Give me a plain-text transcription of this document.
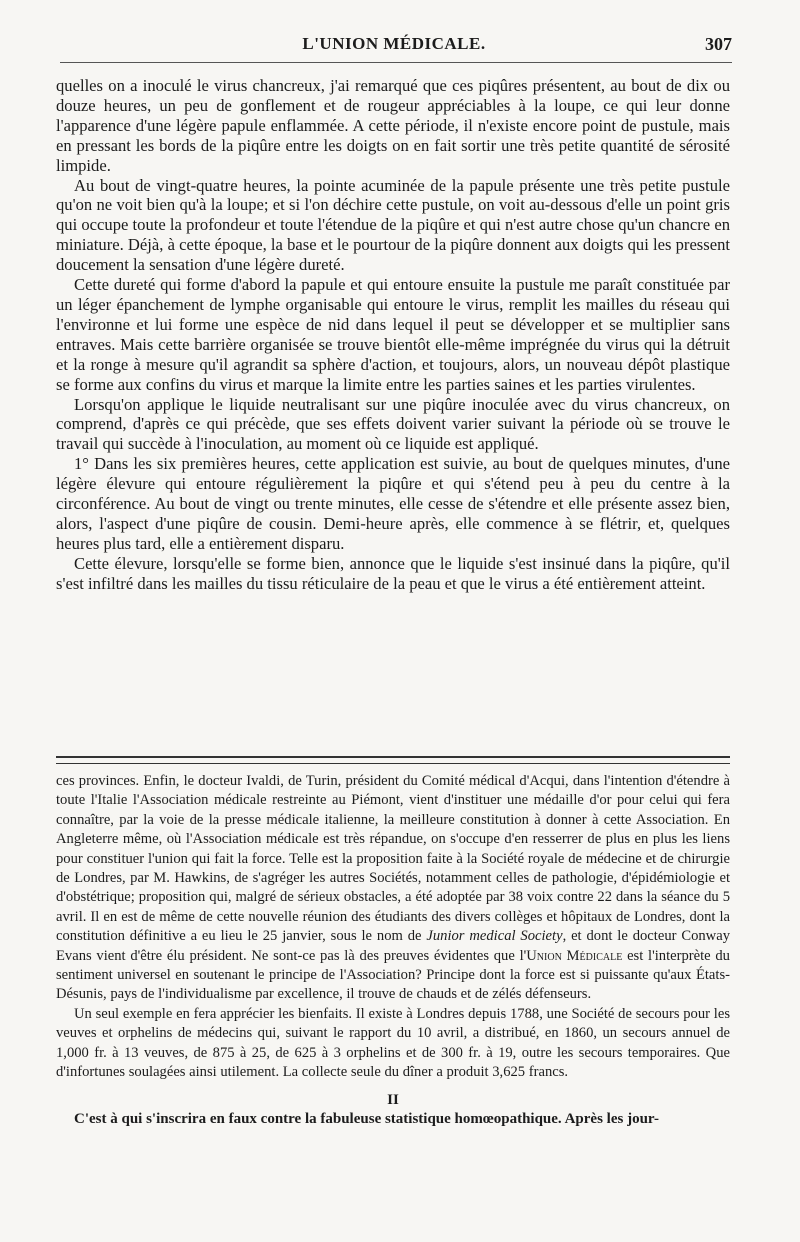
L'UNION MÉDICALE.	307

quelles on a inoculé le virus chancreux, j'ai remarqué que ces piqûres présentent, au bout de dix ou douze heures, un peu de gonflement et de rougeur appréciables à la loupe, ce qui leur donne l'apparence d'une légère papule enflammée. A cette période, il n'existe encore point de pustule, mais en pressant les bords de la piqûre entre les doigts on en fait sortir une très petite quantité de sérosité limpide.

Au bout de vingt-quatre heures, la pointe acuminée de la papule présente une très petite pustule qu'on ne voit bien qu'à la loupe; et si l'on déchire cette pustule, on voit au-dessous d'elle un point gris qui occupe toute la profondeur et toute l'étendue de la piqûre et qui n'est autre chose qu'un chancre en miniature. Déjà, à cette époque, la base et le pourtour de la piqûre donnent aux doigts qui les pressent doucement la sensation d'une légère dureté.

Cette dureté qui forme d'abord la papule et qui entoure ensuite la pustule me paraît constituée par un léger épanchement de lymphe organisable qui entoure le virus, remplit les mailles du réseau qui l'environne et lui forme une espèce de nid dans lequel il peut se développer et se multiplier sans entraves. Mais cette barrière organisée se trouve bientôt elle-même imprégnée du virus qui la détruit et la ronge à mesure qu'il agrandit sa sphère d'action, et toujours, alors, un nouveau dépôt plastique se forme aux confins du virus et marque la limite entre les parties saines et les parties virulentes.

Lorsqu'on applique le liquide neutralisant sur une piqûre inoculée avec du virus chancreux, on comprend, d'après ce qui précède, que ses effets doivent varier suivant la période où se trouve le travail qui succède à l'inoculation, au moment où ce liquide est appliqué.

1° Dans les six premières heures, cette application est suivie, au bout de quelques minutes, d'une légère élevure qui entoure régulièrement la piqûre et qui s'étend peu à peu du centre à la circonférence. Au bout de vingt ou trente minutes, elle cesse de s'étendre et elle présente assez bien, alors, l'aspect d'une piqûre de cousin. Demi-heure après, elle commence à se flétrir, et, quelques heures plus tard, elle a entièrement disparu.

Cette élevure, lorsqu'elle se forme bien, annonce que le liquide s'est insinué dans la piqûre, qu'il s'est infiltré dans les mailles du tissu réticulaire de la peau et que le virus a été entièrement atteint.

ces provinces. Enfin, le docteur Ivaldi, de Turin, président du Comité médical d'Acqui, dans l'intention d'étendre à toute l'Italie l'Association médicale restreinte au Piémont, vient d'instituer une médaille d'or pour celui qui fera connaître, par la voie de la presse médicale italienne, la meilleure constitution à donner à cette Association. En Angleterre même, où l'Association médicale est très répandue, on s'occupe d'en resserrer de plus en plus les liens pour constituer l'union qui fait la force. Telle est la proposition faite à la Société royale de médecine et de chirurgie de Londres, par M. Hawkins, de s'agréger les autres Sociétés, notamment celles de pathologie, d'épidémiologie et d'obstétrique; proposition qui, malgré de sérieux obstacles, a été adoptée par 38 voix contre 22 dans la séance du 5 avril. Il en est de même de cette nouvelle réunion des étudiants des divers collèges et hôpitaux de Londres, dont la constitution définitive a eu lieu le 25 janvier, sous le nom de Junior medical Society, et dont le docteur Conway Evans vient d'être élu président. Ne sont-ce pas là des preuves évidentes que l'Union Médicale est l'interprète du sentiment universel en soutenant le principe de l'Association? Principe dont la force est si puissante qu'aux États-Désunis, pays de l'individualisme par excellence, il trouve de chauds et de zélés défenseurs.

Un seul exemple en fera apprécier les bienfaits. Il existe à Londres depuis 1788, une Société de secours pour les veuves et orphelins de médecins qui, suivant le rapport du 10 avril, a distribué, en 1860, un secours annuel de 1,000 fr. à 13 veuves, de 875 à 25, de 625 à 3 orphelins et de 300 fr. à 19, outre les secours temporaires. Que d'infortunes soulagées ainsi utilement. La collecte seule du dîner a produit 3,625 francs.

II

C'est à qui s'inscrira en faux contre la fabuleuse statistique homœopathique. Après les jour-
